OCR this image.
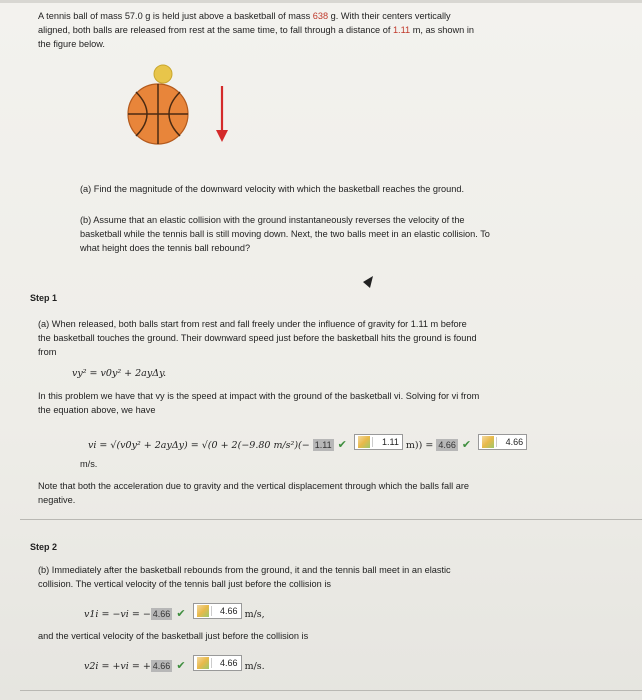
A tennis ball of mass 57.0 g is held just above a basketball of mass 638 g. With their centers vertically
aligned, both balls are released from rest at the same time, to fall through a distance of 1.11 m, as shown in
the figure below.
(a) Find the magnitude of the downward velocity with which the basketball reaches the ground.
(b) Assume that an elastic collision with the ground instantaneously reverses the velocity of the
basketball while the tennis ball is still moving down. Next, the two balls meet in an elastic collision. To
what height does the tennis ball rebound?
Step 1
(a) When released, both balls start from rest and fall freely under the influence of gravity for 1.11 m before
the basketball touches the ground. Their downward speed just before the basketball hits the ground is found
from
vy² = v0y² + 2ayΔy.
In this problem we have that vy is the speed at impact with the ground of the basketball vi. Solving for vi from
the equation above, we have
vi = √(v0y² + 2ayΔy) = √(0 + 2(−9.80 m/s²)(− 1.11 ✔	1.11 m)) = 4.66 ✔	4.66
m/s.
Note that both the acceleration due to gravity and the vertical displacement through which the balls fall are
negative.
Step 2
(b) Immediately after the basketball rebounds from the ground, it and the tennis ball meet in an elastic
collision. The vertical velocity of the tennis ball just before the collision is
v1i = −vi = − 4.66 ✔	4.66 m/s,
and the vertical velocity of the basketball just before the collision is
v2i = +vi = + 4.66 ✔	4.66 m/s.
